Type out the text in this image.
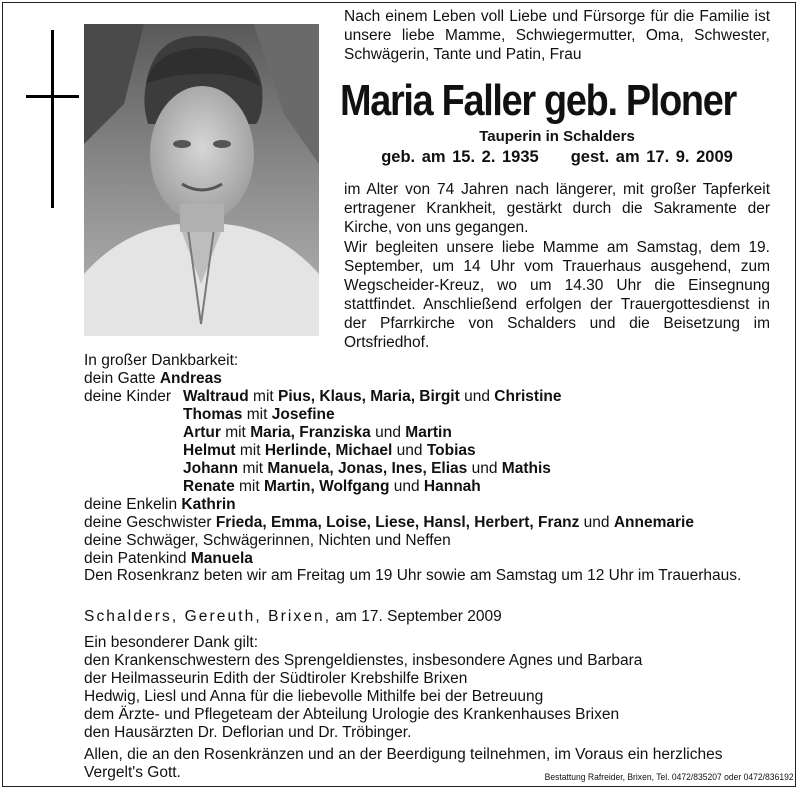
Nach einem Leben voll Liebe und Fürsorge für die Familie ist unsere liebe Mamme, Schwiegermutter, Oma, Schwester, Schwägerin, Tante und Patin, Frau
Maria Faller geb. Ploner
Tauperin in Schalders
geb. am 15. 2. 1935 gest. am 17. 9. 2009
im Alter von 74 Jahren nach längerer, mit großer Tapferkeit ertragener Krankheit, gestärkt durch die Sakramente der Kirche, von uns gegangen.
Wir begleiten unsere liebe Mamme am Samstag, dem 19. September, um 14 Uhr vom Trauerhaus ausgehend, zum Wegscheider-Kreuz, wo um 14.30 Uhr die Einsegnung stattfindet. Anschließend erfolgen der Trauergottesdienst in der Pfarrkirche von Schalders und die Beisetzung im Ortsfriedhof.
In großer Dankbarkeit:
dein Gatte Andreas
deine Kinder Waltraud mit Pius, Klaus, Maria, Birgit und Christine
Thomas mit Josefine
Artur mit Maria, Franziska und Martin
Helmut mit Herlinde, Michael und Tobias
Johann mit Manuela, Jonas, Ines, Elias und Mathis
Renate mit Martin, Wolfgang und Hannah
deine Enkelin Kathrin
deine Geschwister Frieda, Emma, Loise, Liese, Hansl, Herbert, Franz und Annemarie
deine Schwäger, Schwägerinnen, Nichten und Neffen
dein Patenkind Manuela
Den Rosenkranz beten wir am Freitag um 19 Uhr sowie am Samstag um 12 Uhr im Trauerhaus.
Schalders, Gereuth, Brixen, am 17. September 2009
Ein besonderer Dank gilt:
den Krankenschwestern des Sprengeldienstes, insbesondere Agnes und Barbara
der Heilmasseurin Edith der Südtiroler Krebshilfe Brixen
Hedwig, Liesl und Anna für die liebevolle Mithilfe bei der Betreuung
dem Ärzte- und Pflegeteam der Abteilung Urologie des Krankenhauses Brixen
den Hausärzten Dr. Deflorian und Dr. Tröbinger.
Allen, die an den Rosenkränzen und an der Beerdigung teilnehmen, im Voraus ein herzliches Vergelt's Gott.	Bestattung Rafreider, Brixen, Tel. 0472/835207 oder 0472/836192
